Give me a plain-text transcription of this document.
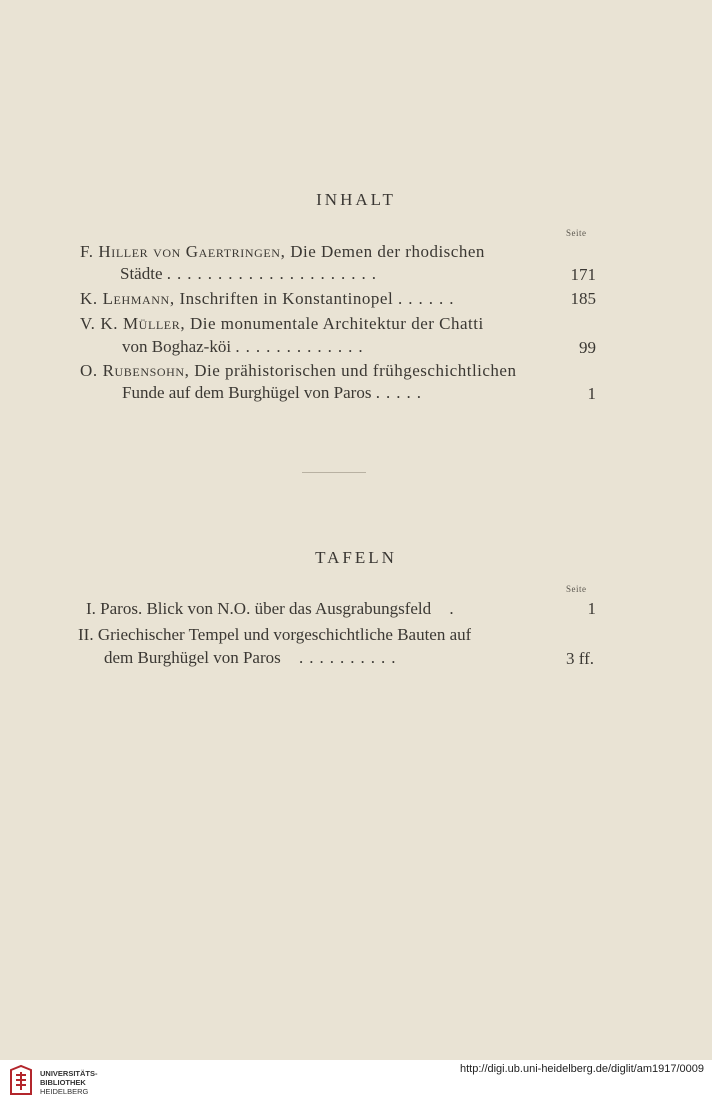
INHALT
Seite
F. Hiller von Gaertringen, Die Demen der rhodischen
Städte .....................	171
K. Lehmann, Inschriften in Konstantinopel ......	185
V. K. Müller, Die monumentale Architektur der Chatti
von Boghaz-köi .............	99
O. Rubensohn, Die prähistorischen und frühgeschichtlichen
Funde auf dem Burghügel von Paros .....	1
TAFELN
Seite
I. Paros. Blick von N.O. über das Ausgrabungsfeld .	1
II. Griechischer Tempel und vorgeschichtliche Bauten auf
dem Burghügel von Paros ..........	3 ff.
UNIVERSITÄTS-
BIBLIOTHEK
HEIDELBERG
http://digi.ub.uni-heidelberg.de/diglit/am1917/0009
